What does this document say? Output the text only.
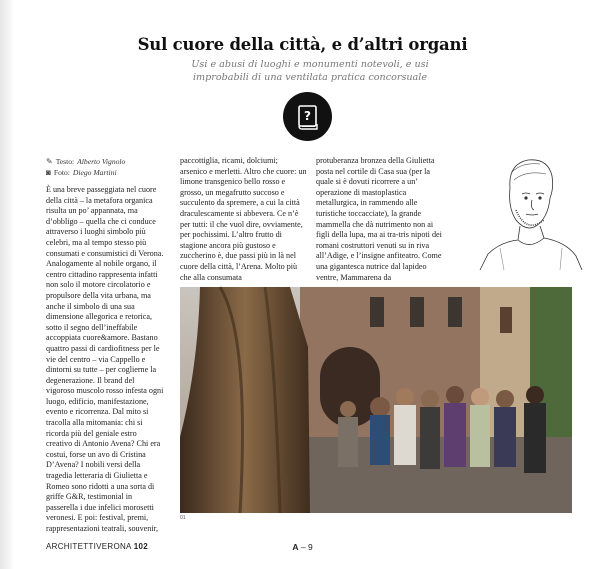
Sul cuore della città, e d’altri organi
Usi e abusi di luoghi e monumenti notevoli, e usi improbabili di una ventilata pratica concorsuale
?
✎ Testo: Alberto Vignolo
◙ Foto: Diego Martini

È una breve passeggiata nel cuore della città – la metafora organica risulta un po’ appannata, ma d’obbligo – quella che ci conduce attraverso i luoghi simbolo più celebri, ma al tempo stesso più consumati e consumistici di Verona. Analogamente al nobile organo, il centro cittadino rappresenta infatti non solo il motore circolatorio e propulsore della vita urbana, ma anche il simbolo di una sua dimensione allegorica e retorica, sotto il segno dell’ineffabile accoppiata cuore&amore. Bastano quattro passi di cardiofitness per le vie del centro – via Cappello e dintorni su tutte – per coglierne la degenerazione. Il brand del vigoroso muscolo rosso infesta ogni luogo, edificio, manifestazione, evento e ricorrenza. Dal mito si tracolla alla mitomania: chi si ricorda più del geniale estro creativo di Antonio Avena? Chi era costui, forse un avo di Cristina D’Avena? I nobili versi della tragedia letteraria di Giulietta e Romeo sono ridotti a una sorta di griffe G&R, testimonial in passerella i due infelici morosetti veronesi. E poi: festival, premi, rappresentazioni teatrali, souvenir,

paccottiglia, ricami, dolciumi; arsenico e merletti. Altro che cuore: un limone transgenico bello rosso e grosso, un megafrutto succoso e succulento da spremere, a cui la città draculescamente si abbevera. Ce n’è per tutti: il che vuol dire, ovviamente, per pochissimi. L’altro frutto di stagione ancora più gustoso e zuccherino è, due passi più in là nel cuore della città, l’Arena. Molto più che alla consumata

protuberanza bronzea della Giulietta posta nel cortile di Casa sua (per la quale si è dovuti ricorrere a un’ operazione di mastoplastica metallurgica, in rammendo alle turistiche toccacciate), la grande mammella che dà nutrimento non ai figli della lupa, ma ai tra-tris nipoti dei romani costruttori venuti su in riva all’Adige, e l’insigne anfiteatro. Come una gigantesca nutrice dal lapideo ventre, Mammarena da

01
ARCHITETTIVERONA 102	A – 9
